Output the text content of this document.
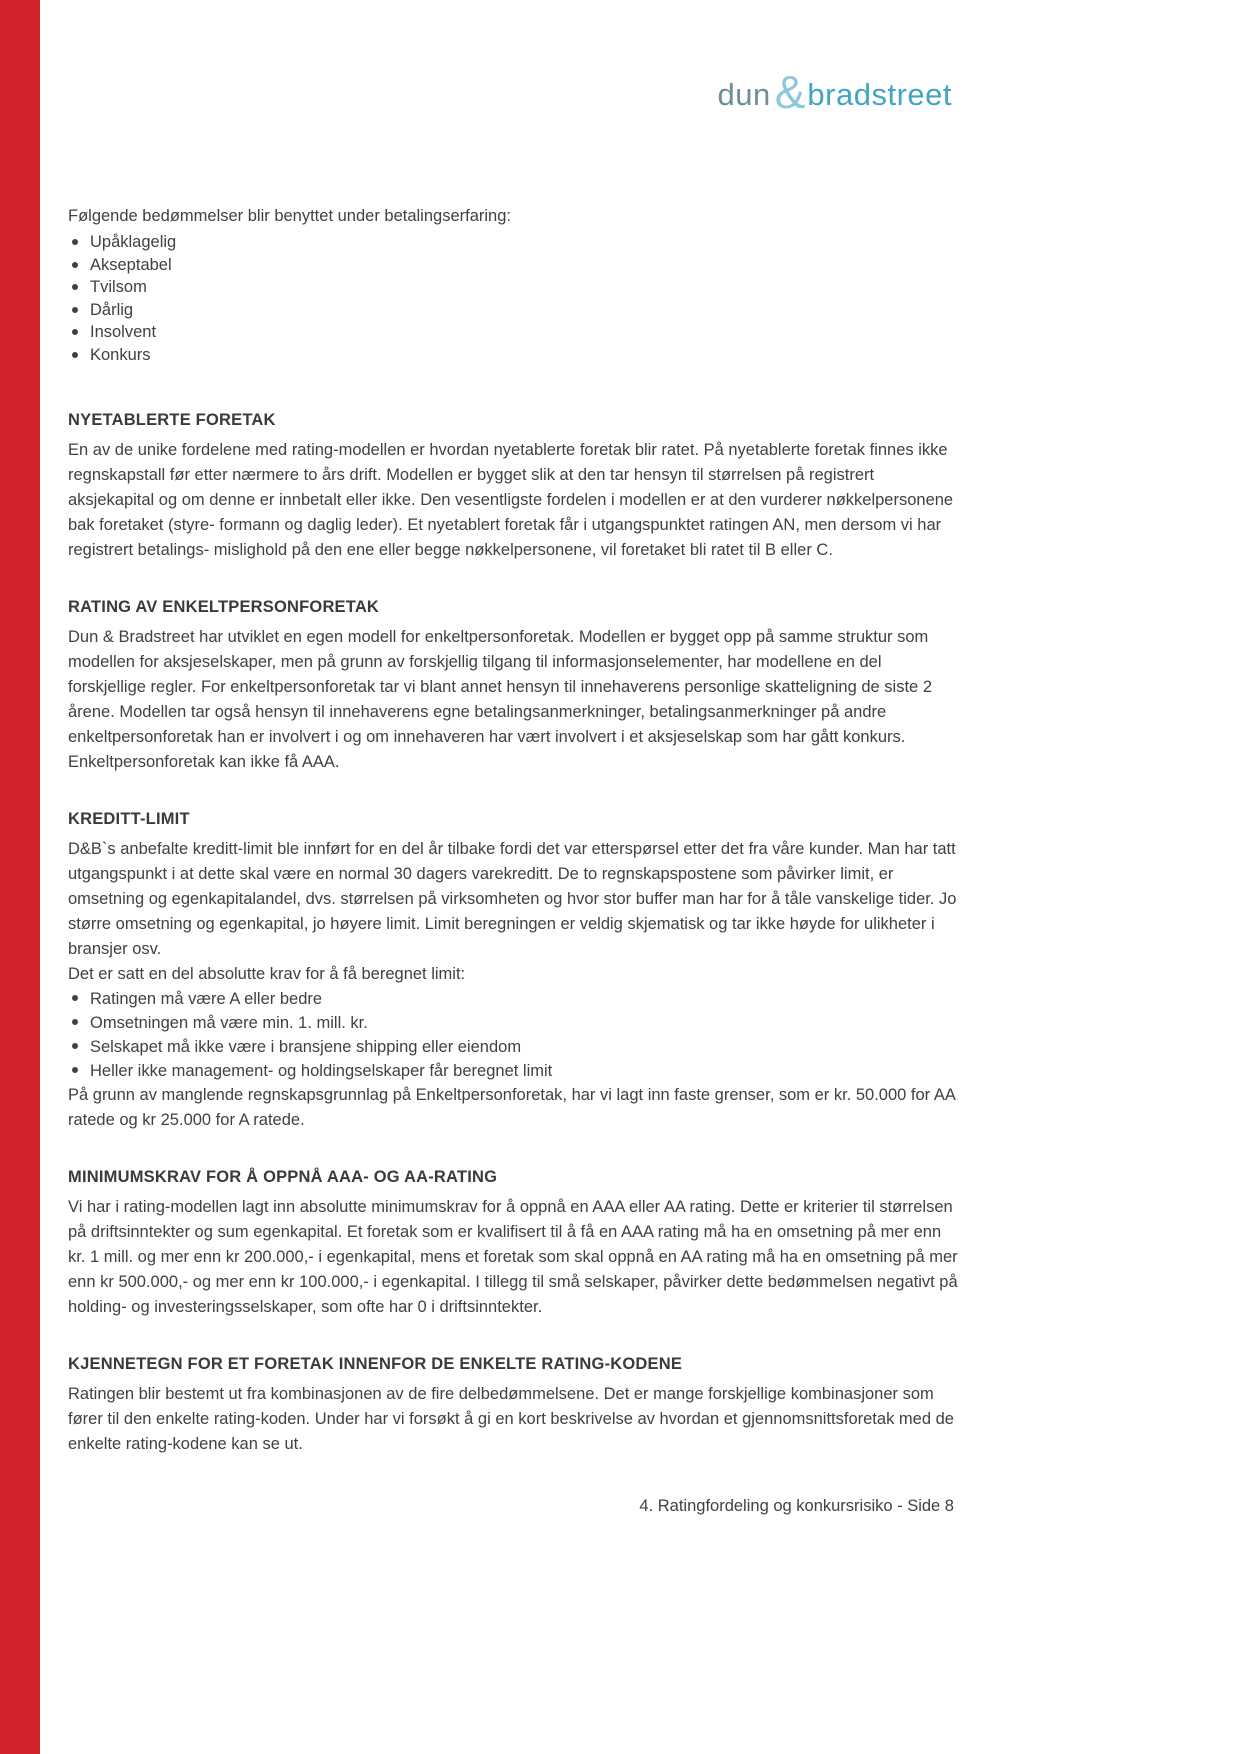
dun & bradstreet

Følgende bedømmelser blir benyttet under betalingserfaring:

Upåklagelig
Akseptabel
Tvilsom
Dårlig
Insolvent
Konkurs
NYETABLERTE FORETAK

En av de unike fordelene med rating-modellen er hvordan nyetablerte foretak blir ratet. På nyetablerte foretak finnes ikke regnskapstall før etter nærmere to års drift. Modellen er bygget slik at den tar hensyn til størrelsen på registrert aksjekapital og om denne er innbetalt eller ikke. Den vesentligste fordelen i modellen er at den vurderer nøkkelpersonene bak foretaket (styre- formann og daglig leder). Et nyetablert foretak får i utgangspunktet ratingen AN, men dersom vi har registrert betalings- mislighold på den ene eller begge nøkkelpersonene, vil foretaket bli ratet til B eller C.

RATING AV ENKELTPERSONFORETAK

Dun & Bradstreet har utviklet en egen modell for enkeltpersonforetak. Modellen er bygget opp på samme struktur som modellen for aksjeselskaper, men på grunn av forskjellig tilgang til informasjonselementer, har modellene en del forskjellige regler. For enkeltpersonforetak tar vi blant annet hensyn til innehaverens personlige skatteligning de siste 2 årene. Modellen tar også hensyn til innehaverens egne betalingsanmerkninger, betalingsanmerkninger på andre enkeltpersonforetak han er involvert i og om innehaveren har vært involvert i et aksjeselskap som har gått konkurs. Enkeltpersonforetak kan ikke få AAA.

KREDITT-LIMIT

D&B`s anbefalte kreditt-limit ble innført for en del år tilbake fordi det var etterspørsel etter det fra våre kunder. Man har tatt utgangspunkt i at dette skal være en normal 30 dagers varekreditt. De to regnskapspostene som påvirker limit, er omsetning og egenkapitalandel, dvs. størrelsen på virksomheten og hvor stor buffer man har for å tåle vanskelige tider. Jo større omsetning og egenkapital, jo høyere limit. Limit beregningen er veldig skjematisk og tar ikke høyde for ulikheter i bransjer osv.

Det er satt en del absolutte krav for å få beregnet limit:

Ratingen må være A eller bedre
Omsetningen må være min. 1. mill. kr.
Selskapet må ikke være i bransjene shipping eller eiendom
Heller ikke management- og holdingselskaper får beregnet limit

På grunn av manglende regnskapsgrunnlag på Enkeltpersonforetak, har vi lagt inn faste grenser, som er kr. 50.000 for AA ratede og kr 25.000 for A ratede.

MINIMUMSKRAV FOR Å OPPNÅ AAA- OG AA-RATING

Vi har i rating-modellen lagt inn absolutte minimumskrav for å oppnå en AAA eller AA rating. Dette er kriterier til størrelsen på driftsinntekter og sum egenkapital. Et foretak som er kvalifisert til å få en AAA rating må ha en omsetning på mer enn kr. 1 mill. og mer enn kr 200.000,- i egenkapital, mens et foretak som skal oppnå en AA rating må ha en omsetning på mer enn kr 500.000,- og mer enn kr 100.000,- i egenkapital. I tillegg til små selskaper, påvirker dette bedømmelsen negativt på holding- og investeringsselskaper, som ofte har 0 i driftsinntekter.

KJENNETEGN FOR ET FORETAK INNENFOR DE ENKELTE RATING-KODENE

Ratingen blir bestemt ut fra kombinasjonen av de fire delbedømmelsene. Det er mange forskjellige kombinasjoner som fører til den enkelte rating-koden. Under har vi forsøkt å gi en kort beskrivelse av hvordan et gjennomsnittsforetak med de enkelte rating-kodene kan se ut.

4. Ratingfordeling og konkursrisiko - Side 8
